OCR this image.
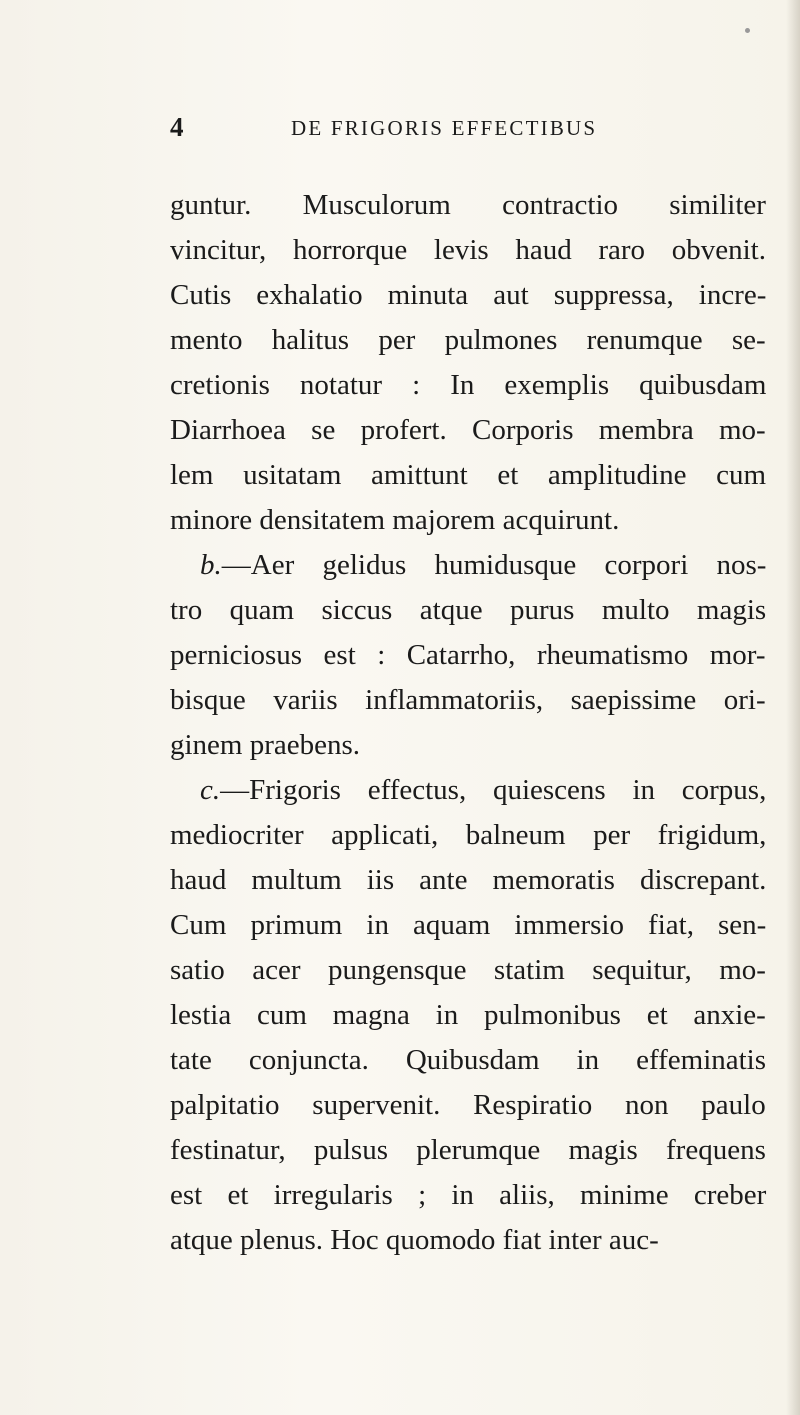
4	DE FRIGORIS EFFECTIBUS
guntur. Musculorum contractio similiter
vincitur, horrorque levis haud raro obvenit.
Cutis exhalatio minuta aut suppressa, incre-
mento halitus per pulmones renumque se-
cretionis notatur : In exemplis quibusdam
Diarrhoea se profert. Corporis membra mo-
lem usitatam amittunt et amplitudine cum
minore densitatem majorem acquirunt.
b.—Aer gelidus humidusque corpori nos-
tro quam siccus atque purus multo magis
perniciosus est : Catarrho, rheumatismo mor-
bisque variis inflammatoriis, saepissime ori-
ginem praebens.
c.—Frigoris effectus, quiescens in corpus,
mediocriter applicati, balneum per frigidum,
haud multum iis ante memoratis discrepant.
Cum primum in aquam immersio fiat, sen-
satio acer pungensque statim sequitur, mo-
lestia cum magna in pulmonibus et anxie-
tate conjuncta. Quibusdam in effeminatis
palpitatio supervenit. Respiratio non paulo
festinatur, pulsus plerumque magis frequens
est et irregularis ; in aliis, minime creber
atque plenus. Hoc quomodo fiat inter auc-
